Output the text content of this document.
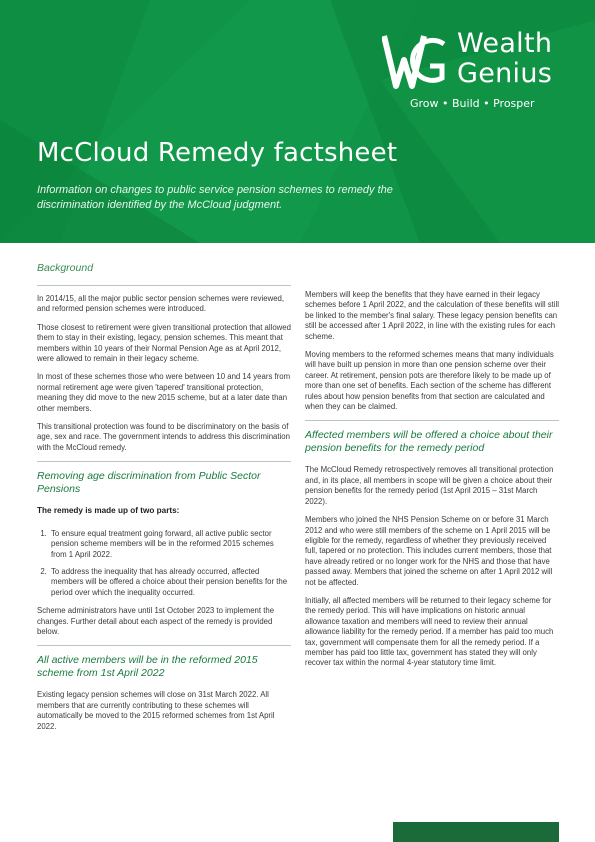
Wealth
Genius
Grow • Build • Prosper
McCloud Remedy factsheet
Information on changes to public service pension schemes to remedy the discrimination identified by the McCloud judgment.
Background

In 2014/15, all the major public sector pension schemes were reviewed, and reformed pension schemes were introduced.

Those closest to retirement were given transitional protection that allowed them to stay in their existing, legacy, pension schemes. This meant that members within 10 years of their Normal Pension Age as at April 2012, were allowed to remain in their legacy scheme.

In most of these schemes those who were between 10 and 14 years from normal retirement age were given 'tapered' transitional protection, meaning they did move to the new 2015 scheme, but at a later date than other members.

This transitional protection was found to be discriminatory on the basis of age, sex and race. The government intends to address this discrimination with the McCloud remedy.

Removing age discrimination from Public Sector Pensions
The remedy is made up of two parts:
1. To ensure equal treatment going forward, all active public sector pension scheme members will be in the reformed 2015 schemes from 1 April 2022.
2. To address the inequality that has already occurred, affected members will be offered a choice about their pension benefits for the period over which the inequality occurred.

Scheme administrators have until 1st October 2023 to implement the changes. Further detail about each aspect of the remedy is provided below.

All active members will be in the reformed 2015 scheme from 1st April 2022

Existing legacy pension schemes will close on 31st March 2022. All members that are currently contributing to these schemes will automatically be moved to the 2015 reformed schemes from 1st April 2022.

Members will keep the benefits that they have earned in their legacy schemes before 1 April 2022, and the calculation of these benefits will still be linked to the member's final salary. These legacy pension benefits can still be accessed after 1 April 2022, in line with the existing rules for each scheme.

Moving members to the reformed schemes means that many individuals will have built up pension in more than one pension scheme over their career. At retirement, pension pots are therefore likely to be made up of more than one set of benefits. Each section of the scheme has different rules about how pension benefits from that section are calculated and when they can be claimed.

Affected members will be offered a choice about their pension benefits for the remedy period

The McCloud Remedy retrospectively removes all transitional protection and, in its place, all members in scope will be given a choice about their pension benefits for the remedy period (1st April 2015 – 31st March 2022).

Members who joined the NHS Pension Scheme on or before 31 March 2012 and who were still members of the scheme on 1 April 2015 will be eligible for the remedy, regardless of whether they previously received full, tapered or no protection. This includes current members, those that have already retired or no longer work for the NHS and those that have passed away. Members that joined the scheme on after 1 April 2012 will not be affected.

Initially, all affected members will be returned to their legacy scheme for the remedy period. This will have implications on historic annual allowance taxation and members will need to review their annual allowance liability for the remedy period. If a member has paid too much tax, government will compensate them for all the remedy period. If a member has paid too little tax, government has stated they will only recover tax within the normal 4-year statutory time limit.
